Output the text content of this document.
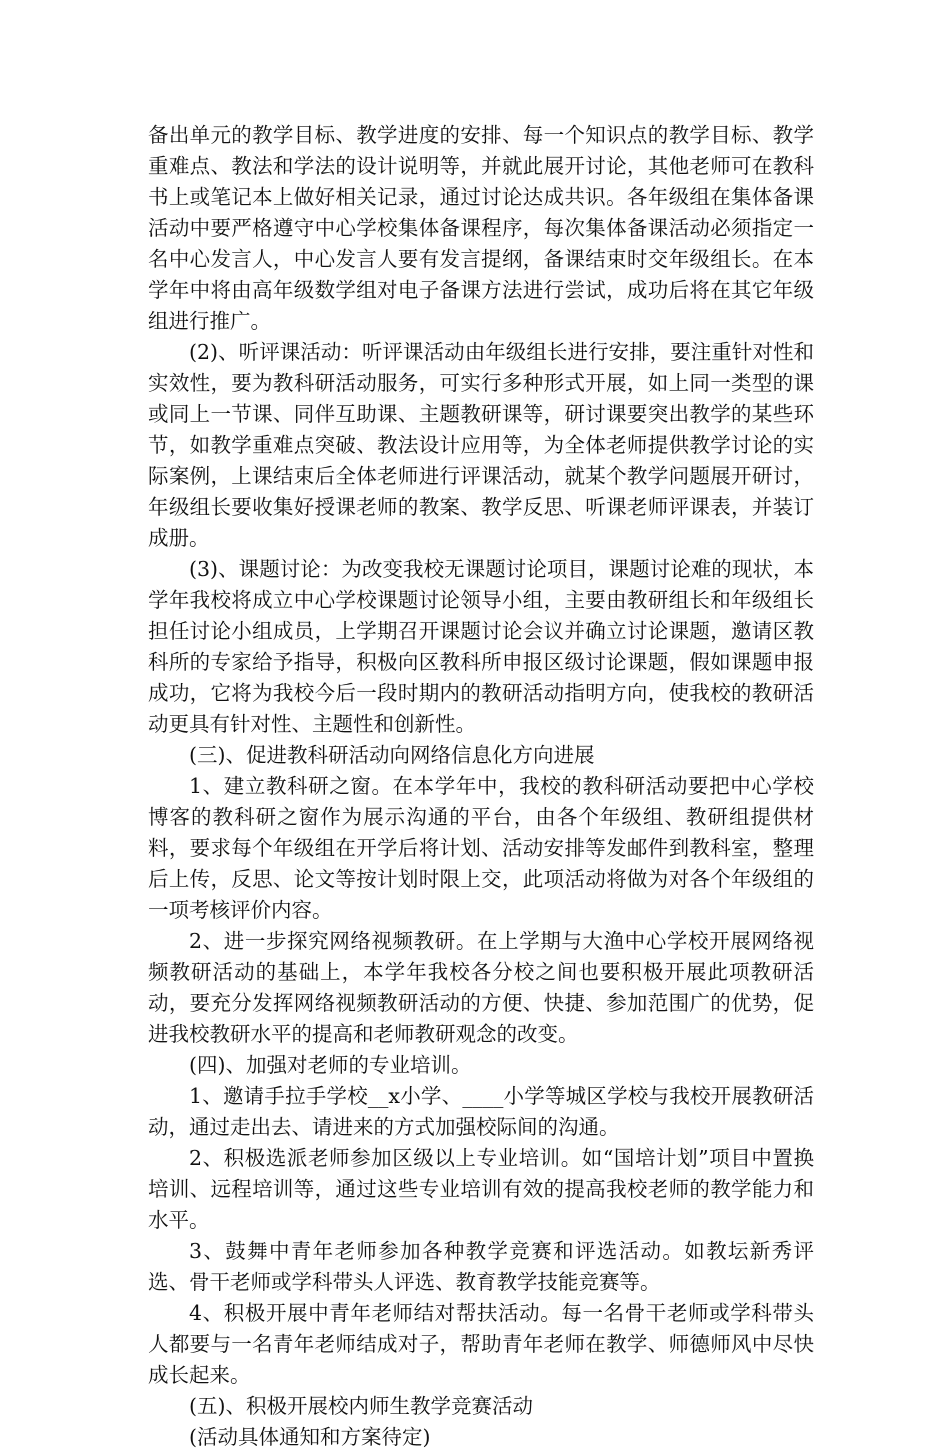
备出单元的教学目标、教学进度的安排、每一个知识点的教学目标、教学重难点、教法和学法的设计说明等，并就此展开讨论，其他老师可在教科书上或笔记本上做好相关记录，通过讨论达成共识。各年级组在集体备课活动中要严格遵守中心学校集体备课程序，每次集体备课活动必须指定一名中心发言人，中心发言人要有发言提纲，备课结束时交年级组长。在本学年中将由高年级数学组对电子备课方法进行尝试，成功后将在其它年级组进行推广。

(2)、听评课活动：听评课活动由年级组长进行安排，要注重针对性和实效性，要为教科研活动服务，可实行多种形式开展，如上同一类型的课或同上一节课、同伴互助课、主题教研课等，研讨课要突出教学的某些环节，如教学重难点突破、教法设计应用等，为全体老师提供教学讨论的实际案例，上课结束后全体老师进行评课活动，就某个教学问题展开研讨，年级组长要收集好授课老师的教案、教学反思、听课老师评课表，并装订成册。

(3)、课题讨论：为改变我校无课题讨论项目，课题讨论难的现状，本学年我校将成立中心学校课题讨论领导小组，主要由教研组长和年级组长担任讨论小组成员，上学期召开课题讨论会议并确立讨论课题，邀请区教科所的专家给予指导，积极向区教科所申报区级讨论课题，假如课题申报成功，它将为我校今后一段时期内的教研活动指明方向，使我校的教研活动更具有针对性、主题性和创新性。

(三)、促进教科研活动向网络信息化方向进展

1、建立教科研之窗。在本学年中，我校的教科研活动要把中心学校博客的教科研之窗作为展示沟通的平台，由各个年级组、教研组提供材料，要求每个年级组在开学后将计划、活动安排等发邮件到教科室，整理后上传，反思、论文等按计划时限上交，此项活动将做为对各个年级组的一项考核评价内容。

2、进一步探究网络视频教研。在上学期与大渔中心学校开展网络视频教研活动的基础上，本学年我校各分校之间也要积极开展此项教研活动，要充分发挥网络视频教研活动的方便、快捷、参加范围广的优势，促进我校教研水平的提高和老师教研观念的改变。

(四)、加强对老师的专业培训。

1、邀请手拉手学校__x小学、____小学等城区学校与我校开展教研活动，通过走出去、请进来的方式加强校际间的沟通。

2、积极选派老师参加区级以上专业培训。如“国培计划”项目中置换培训、远程培训等，通过这些专业培训有效的提高我校老师的教学能力和水平。

3、鼓舞中青年老师参加各种教学竞赛和评选活动。如教坛新秀评选、骨干老师或学科带头人评选、教育教学技能竞赛等。

4、积极开展中青年老师结对帮扶活动。每一名骨干老师或学科带头人都要与一名青年老师结成对子，帮助青年老师在教学、师德师风中尽快成长起来。

(五)、积极开展校内师生教学竞赛活动

(活动具体通知和方案待定)
